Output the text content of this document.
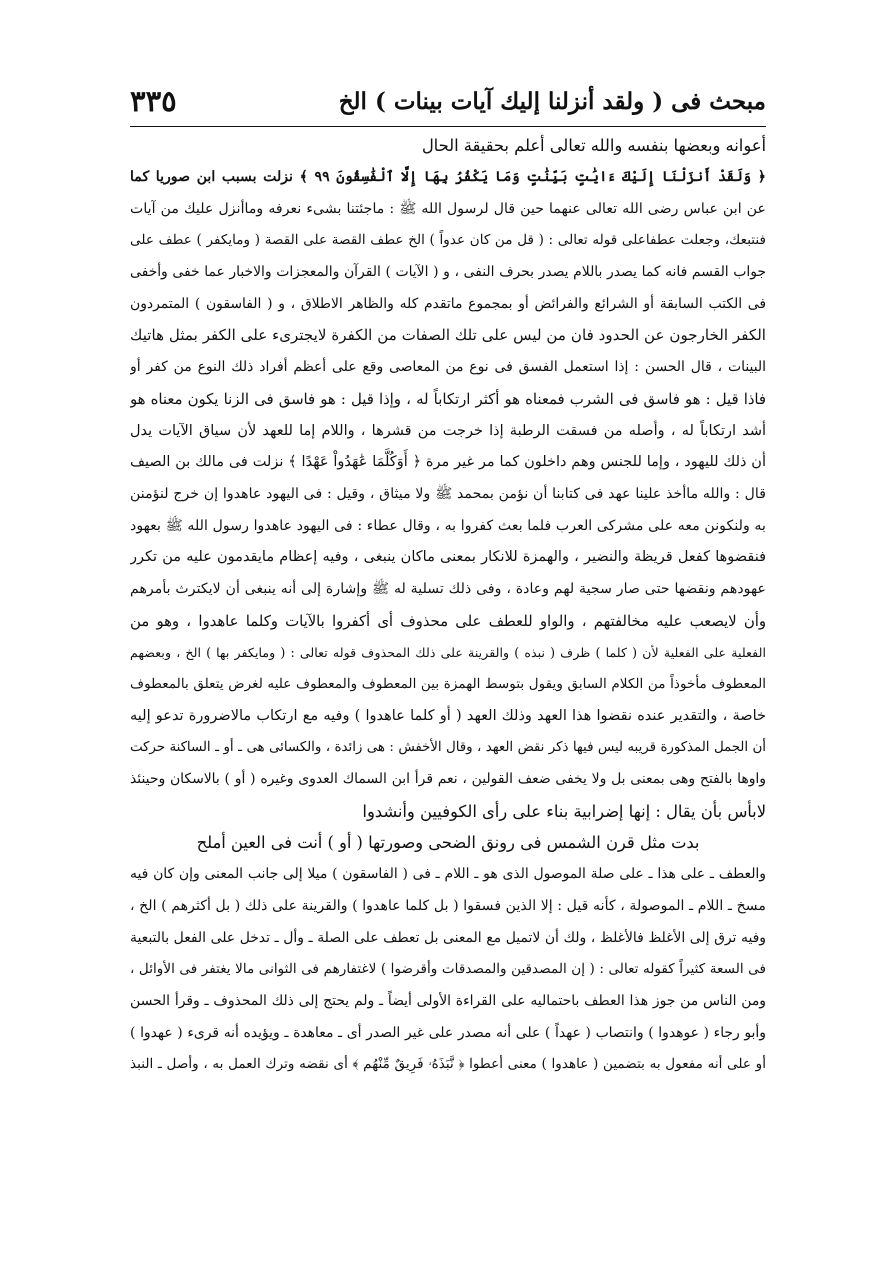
مبحث فى ( ولقد أنزلنا إليك آيات بينات ) الخ
٣٣٥
أعوانه وبعضها بنفسه والله تعالى أعلم بحقيقة الحال
﴿ وَلَقَدْ أَنزَلْنَا إِلَيْكَ ءَايَٰتٍ بَيِّنَٰتٍ وَمَا يَكْفُرُ بِهَا إِلَّا ٱلْفَٰسِقُونَ ٩٩ ﴾ نزلت بسبب ابن صوريا كما
عن ابن عباس رضى الله تعالى عنهما حين قال لرسول الله ﷺ : ماجئتنا بشىء نعرفه وماأنزل عليك من آيات
فنتبعك، وجعلت عطفاعلى قوله تعالى : ( قل من كان عدواً ) الخ عطف القصة على القصة ( ومايكفر ) عطف على
جواب القسم فانه كما يصدر باللام يصدر بحرف النفى ، و ( الآيات ) القرآن والمعجزات والاخبار عما خفى وأخفى
فى الكتب السابقة أو الشرائع والفرائض أو بمجموع ماتقدم كله والظاهر الاطلاق ، و ( الفاسقون ) المتمردون
الكفر الخارجون عن الحدود فان من ليس على تلك الصفات من الكفرة لايجترىء على الكفر بمثل هاتيك
البينات ، قال الحسن : إذا استعمل الفسق فى نوع من المعاصى وقع على أعظم أفراد ذلك النوع من كفر أو
فاذا قيل : هو فاسق فى الشرب فمعناه هو أكثر ارتكاباً له ، وإذا قيل : هو فاسق فى الزنا يكون معناه هو
أشد ارتكاباً له ، وأصله من فسقت الرطبة إذا خرجت من قشرها ، واللام إما للعهد لأن سياق الآيات يدل
أن ذلك لليهود ، وإما للجنس وهم داخلون كما مر غير مرة ﴿ أَوَكُلَّمَا عَٰهَدُواْ عَهْدًا ﴾ نزلت فى مالك بن الصيف
قال : والله ماأخذ علينا عهد فى كتابنا أن نؤمن بمحمد ﷺ ولا ميثاق ، وقيل : فى اليهود عاهدوا إن خرج لنؤمنن
به ولنكونن معه على مشركى العرب فلما بعث كفروا به ، وقال عطاء : فى اليهود عاهدوا رسول الله ﷺ بعهود
فنقضوها كفعل قريظة والنضير ، والهمزة للانكار بمعنى ماكان ينبغى ، وفيه إعظام مايقدمون عليه من تكرر
عهودهم ونقضها حتى صار سجية لهم وعادة ، وفى ذلك تسلية له ﷺ وإشارة إلى أنه ينبغى أن لايكترث بأمرهم
وأن لايصعب عليه مخالفتهم ، والواو للعطف على محذوف أى أكفروا بالآيات وكلما عاهدوا ، وهو من
الفعلية على الفعلية لأن ( كلما ) ظرف ( نبذه ) والقرينة على ذلك المحذوف قوله تعالى : ( ومايكفر بها ) الخ ، وبعضهم
المعطوف مأخوذاً من الكلام السابق ويقول بتوسط الهمزة بين المعطوف والمعطوف عليه لغرض يتعلق بالمعطوف
خاصة ، والتقدير عنده نقضوا هذا العهد وذلك العهد ( أو كلما عاهدوا ) وفيه مع ارتكاب مالاضرورة تدعو إليه
أن الجمل المذكورة قريبه ليس فيها ذكر نقض العهد ، وقال الأخفش : هى زائدة ، والكسائى هى ـ أو ـ الساكنة حركت
واوها بالفتح وهى بمعنى بل ولا يخفى ضعف القولين ، نعم قرأ ابن السماك العدوى وغيره ( أو ) بالاسكان وحينئذ
لابأس بأن يقال : إنها إضرابية بناء على رأى الكوفيين وأنشدوا
بدت مثل قرن الشمس فى رونق الضحى وصورتها ( أو ) أنت فى العين أملح
والعطف ـ على هذا ـ على صلة الموصول الذى هو ـ اللام ـ فى ( الفاسقون ) ميلا إلى جانب المعنى وإن كان فيه
مسخ ـ اللام ـ الموصولة ، كأنه قيل : إلا الذين فسقوا ( بل كلما عاهدوا ) والقرينة على ذلك ( بل أكثرهم ) الخ ،
وفيه ترق إلى الأغلظ فالأغلظ ، ولك أن لاتميل مع المعنى بل تعطف على الصلة ـ وأل ـ تدخل على الفعل بالتبعية
فى السعة كثيراً كقوله تعالى : ( إن المصدقين والمصدقات وأقرضوا ) لاغتفارهم فى الثوانى مالا يغتفر فى الأوائل ،
ومن الناس من جوز هذا العطف باحتماليه على القراءة الأولى أيضاً ـ ولم يحتج إلى ذلك المحذوف ـ وقرأ الحسن
وأبو رجاء ( عوهدوا ) وانتصاب ( عهداً ) على أنه مصدر على غير الصدر أى ـ معاهدة ـ ويؤيده أنه قرىء ( عهدوا )
أو على أنه مفعول به بتضمين ( عاهدوا ) معنى أعطوا ﴿ نَّبَذَهُۥ فَرِيقٌ مِّنْهُم ﴾ أى نقضه وترك العمل به ، وأصل ـ النبذ
